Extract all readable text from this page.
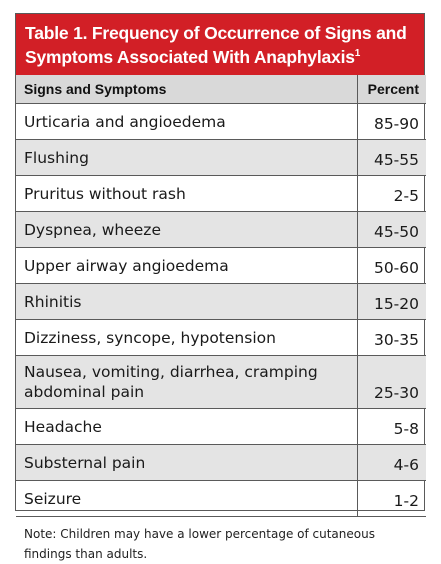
Table 1. Frequency of Occurrence of Signs and Symptoms Associated With Anaphylaxis$^1$
Signs and Symptoms	Percent
Urticaria and angioedema	85-90
Flushing	45-55
Pruritus without rash	2-5
Dyspnea, wheeze	45-50
Upper airway angioedema	50-60
Rhinitis	15-20
Dizziness, syncope, hypotension	30-35
Nausea, vomiting, diarrhea, cramping abdominal pain	25-30
Headache	5-8
Substernal pain	4-6
Seizure	1-2
Note: Children may have a lower percentage of cutaneous findings than adults.
